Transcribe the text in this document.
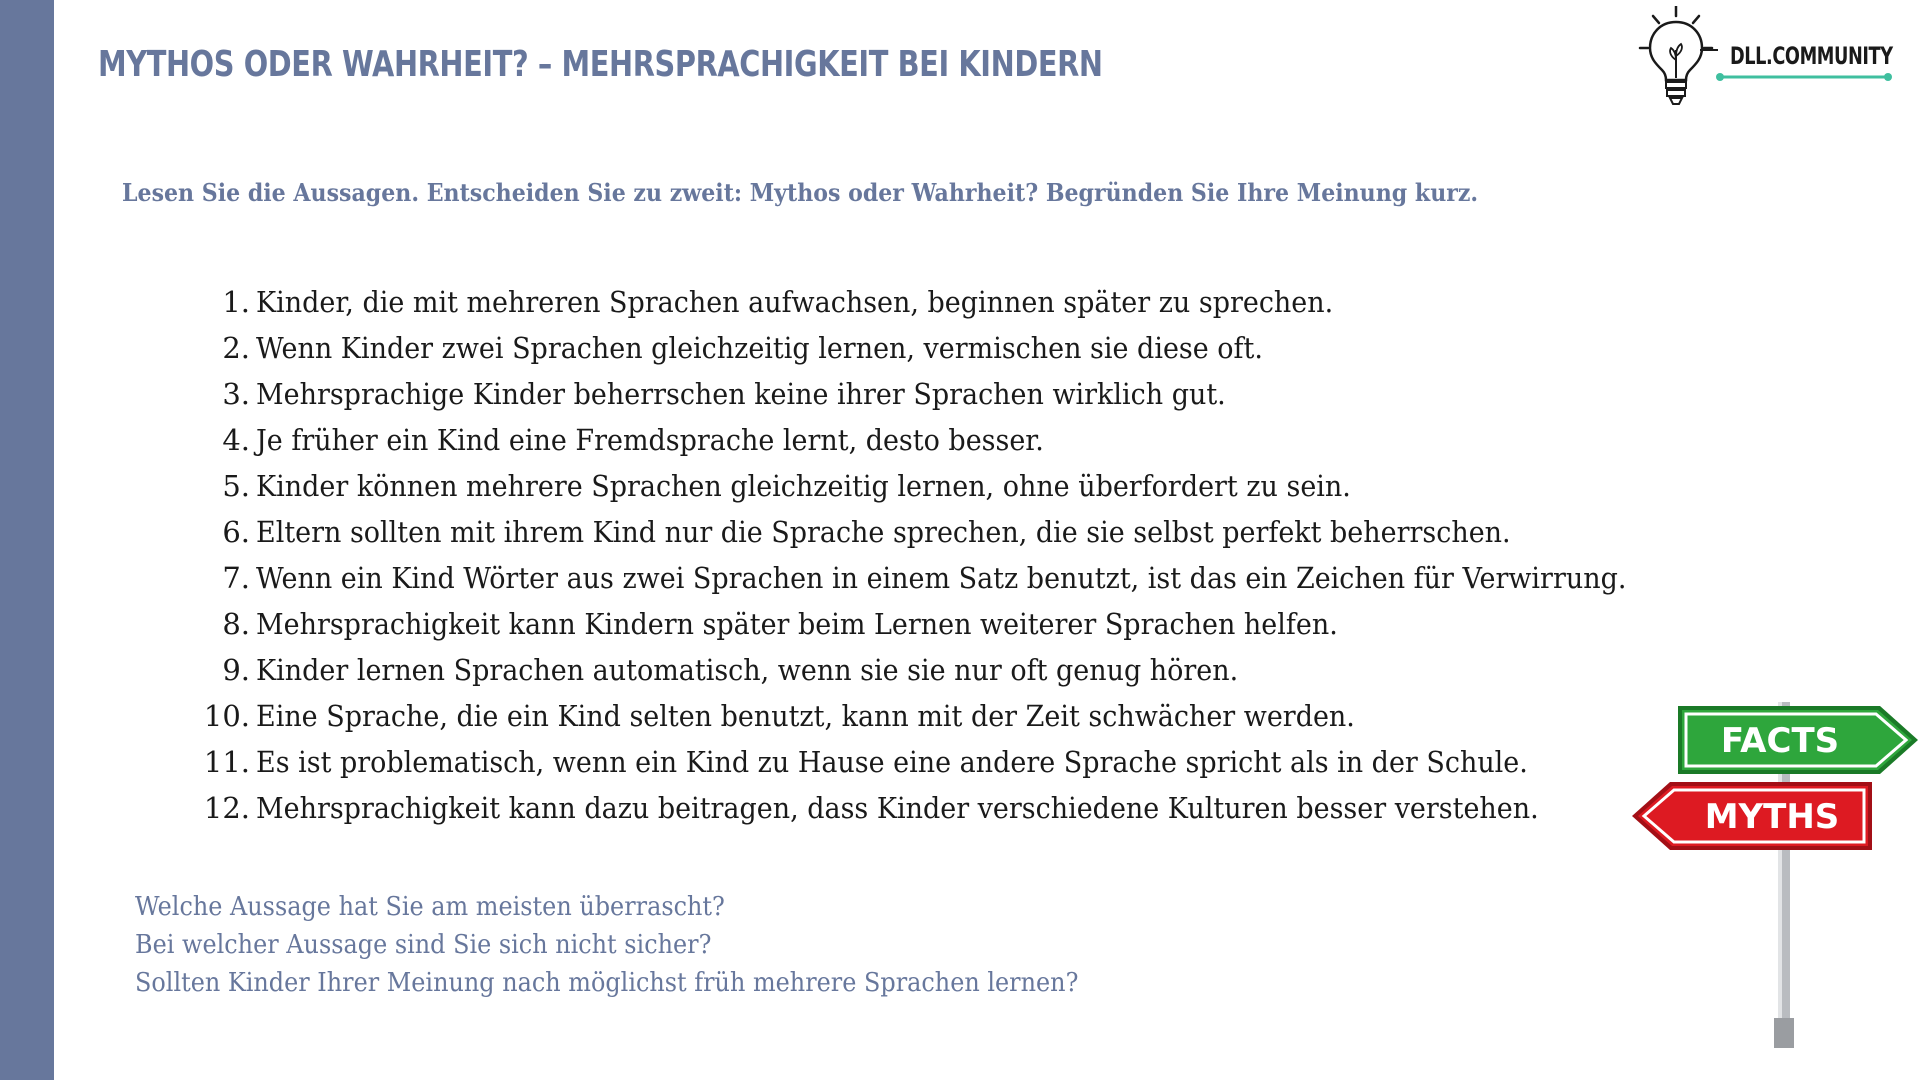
MYTHOS ODER WAHRHEIT? – MEHRSPRACHIGKEIT BEI KINDERN	DLL.COMMUNITY

Lesen Sie die Aussagen. Entscheiden Sie zu zweit: Mythos oder Wahrheit? Begründen Sie Ihre Meinung kurz.

1. Kinder, die mit mehreren Sprachen aufwachsen, beginnen später zu sprechen.
2. Wenn Kinder zwei Sprachen gleichzeitig lernen, vermischen sie diese oft.
3. Mehrsprachige Kinder beherrschen keine ihrer Sprachen wirklich gut.
4. Je früher ein Kind eine Fremdsprache lernt, desto besser.
5. Kinder können mehrere Sprachen gleichzeitig lernen, ohne überfordert zu sein.
6. Eltern sollten mit ihrem Kind nur die Sprache sprechen, die sie selbst perfekt beherrschen.
7. Wenn ein Kind Wörter aus zwei Sprachen in einem Satz benutzt, ist das ein Zeichen für Verwirrung.
8. Mehrsprachigkeit kann Kindern später beim Lernen weiterer Sprachen helfen.
9. Kinder lernen Sprachen automatisch, wenn sie sie nur oft genug hören.
10. Eine Sprache, die ein Kind selten benutzt, kann mit der Zeit schwächer werden.
11. Es ist problematisch, wenn ein Kind zu Hause eine andere Sprache spricht als in der Schule.
12. Mehrsprachigkeit kann dazu beitragen, dass Kinder verschiedene Kulturen besser verstehen.
Welche Aussage hat Sie am meisten überrascht?
Bei welcher Aussage sind Sie sich nicht sicher?
Sollten Kinder Ihrer Meinung nach möglichst früh mehrere Sprachen lernen?
FACTS
MYTHS
